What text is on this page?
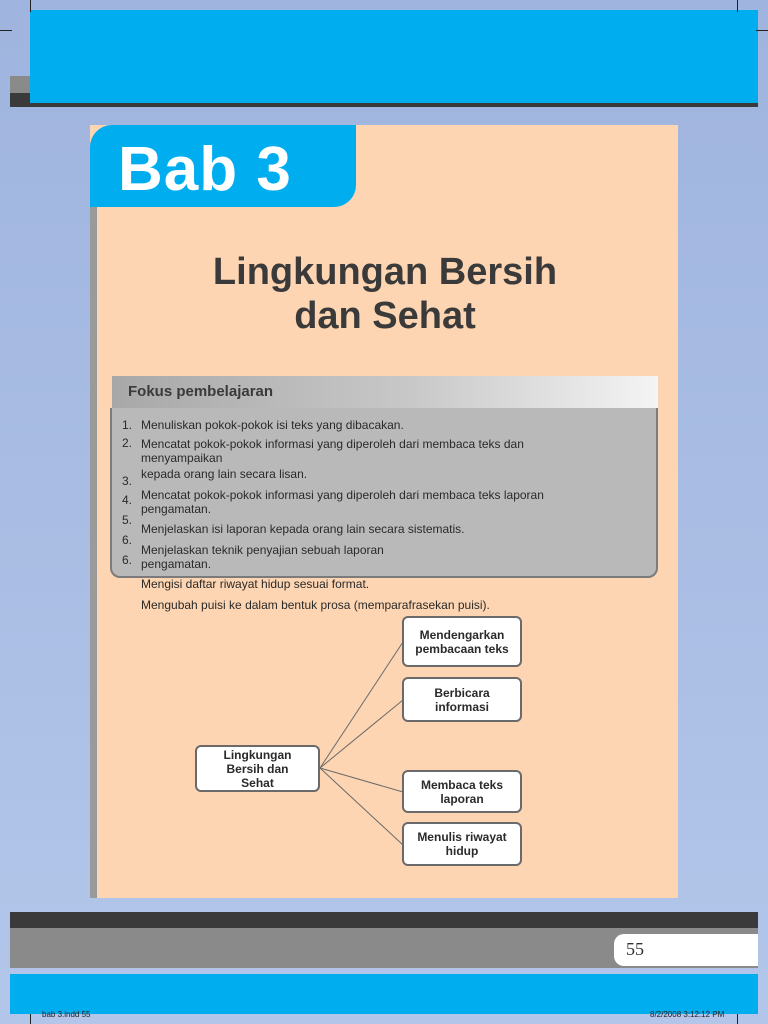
Bab 3
Lingkungan Bersih
dan Sehat
Fokus pembelajaran
1.
2.
3.
4.
5.
6.
6.
Menuliskan pokok-pokok isi teks yang dibacakan.
Mencatat pokok-pokok informasi yang diperoleh dari membaca teks dan
menyampaikan
kepada orang lain secara lisan.
Mencatat pokok-pokok informasi yang diperoleh dari membaca teks laporan
pengamatan.
Menjelaskan isi laporan kepada orang lain secara sistematis.
Menjelaskan teknik penyajian sebuah laporan
pengamatan.
Mengisi daftar riwayat hidup sesuai format.
Mengubah puisi ke dalam bentuk prosa (memparafrasekan puisi).
Lingkungan
Bersih dan
Sehat
Mendengarkan
pembacaan teks
Berbicara
informasi
Membaca teks
laporan
Menulis riwayat
hidup
55
bab 3.indd 55	8/2/2008 3:12:12 PM
